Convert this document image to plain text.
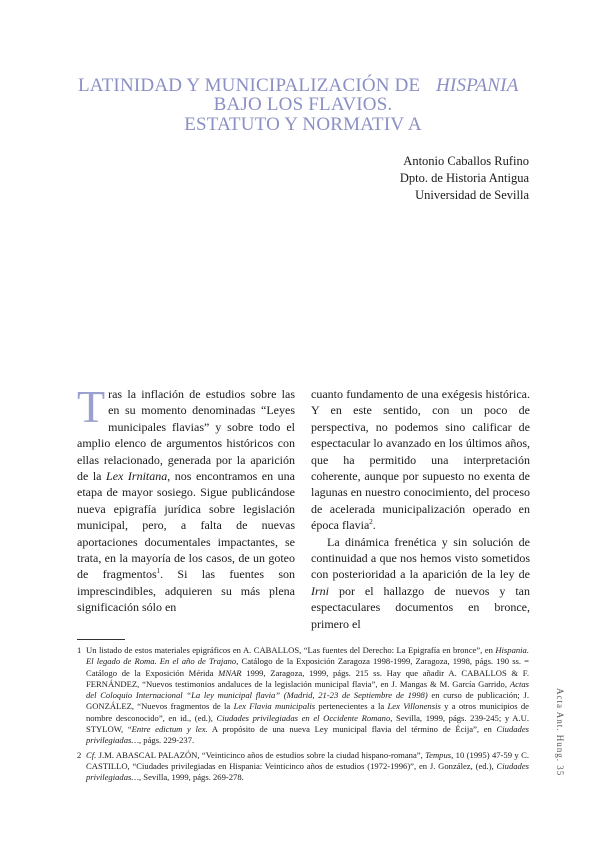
LATINIDAD Y MUNICIPALIZACIÓN DE HISPANIA
BAJO LOS FLAVIOS.
ESTATUTO Y NORMATIV A
Antonio Caballos Rufino
Dpto. de Historia Antigua
Universidad de Sevilla

Tras la inflación de estudios sobre las en su momento denominadas “Leyes municipales flavias” y sobre todo el amplio elenco de argumentos históricos con ellas relacionado, generada por la aparición de la Lex Irnitana, nos encontramos en una etapa de mayor sosiego. Sigue publicándose nueva epigrafía jurídica sobre legislación municipal, pero, a falta de nuevas aportaciones documentales impactantes, se trata, en la mayoría de los casos, de un goteo de fragmentos$^1$. Si las fuentes son imprescindibles, adquieren su más plena significación sólo en

cuanto fundamento de una exégesis histórica. Y en este sentido, con un poco de perspectiva, no podemos sino calificar de espectacular lo avanzado en los últimos años, que ha permitido una interpretación coherente, aunque por supuesto no exenta de lagunas en nuestro conocimiento, del proceso de acelerada municipalización operado en época flavia$^2$.

La dinámica frenética y sin solución de continuidad a que nos hemos visto sometidos con posterioridad a la aparición de la ley de Irni por el hallazgo de nuevos y tan espectaculares documentos en bronce, primero el

1 Un listado de estos materiales epigráficos en A. CABALLOS, “Las fuentes del Derecho: La Epigrafía en bronce”, en Hispania. El legado de Roma. En el año de Trajano, Catálogo de la Exposición Zaragoza 1998-1999, Zaragoza, 1998, págs. 190 ss. = Catálogo de la Exposición Mérida MNAR 1999, Zaragoza, 1999, págs. 215 ss. Hay que añadir A. CABALLOS & F. FERNÁNDEZ, “Nuevos testimonios andaluces de la legislación municipal flavia”, en J. Mangas & M. García Garrido, Actas del Coloquio Internacional “La ley municipal flavia” (Madrid, 21-23 de Septiembre de 1998) en curso de publicación; J. GONZÁLEZ, “Nuevos fragmentos de la Lex Flavia municipalis pertenecientes a la Lex Villonensis y a otros municipios de nombre desconocido”, en id., (ed.), Ciudades privilegiadas en el Occidente Romano, Sevilla, 1999, págs. 239-245; y A.U. STYLOW, “Entre edictum y lex. A propósito de una nueva Ley municipal flavia del término de Écija”, en Ciudades privilegiadas…, págs. 229-237.

2 Cf. J.M. ABASCAL PALAZÓN, “Veinticinco años de estudios sobre la ciudad hispano-romana”, Tempus, 10 (1995) 47-59 y C. CASTILLO, “Ciudades privilegiadas en Hispania: Veinticinco años de estudios (1972-1996)”, en J. González, (ed.), Ciudades privilegiadas…, Sevilla, 1999, págs. 269-278.

Acta Ant. Hung. 35
